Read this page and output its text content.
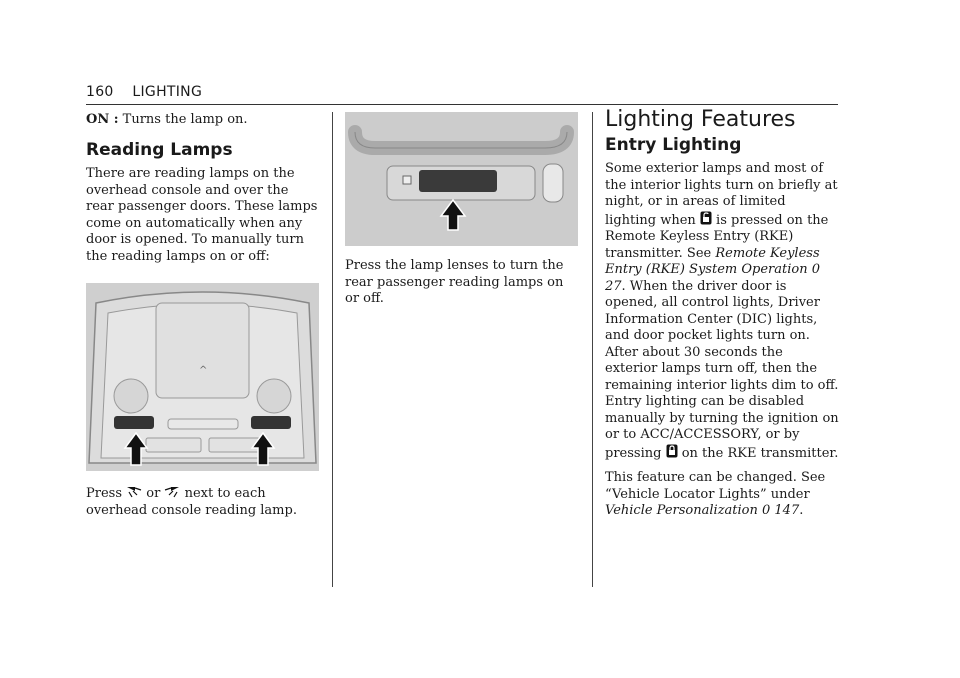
160 LIGHTING

ON : Turns the lamp on.

Reading Lamps

There are reading lamps on the overhead console and over the rear passenger doors. These lamps come on automatically when any door is opened. To manually turn the reading lamps on or off:

^

Press  or  next to each overhead console reading lamp.

Press the lamp lenses to turn the rear passenger reading lamps on or off.

Lighting Features
Entry Lighting

Some exterior lamps and most of the interior lights turn on briefly at night, or in areas of limited lighting when  is pressed on the Remote Keyless Entry (RKE) transmitter. See Remote Keyless Entry (RKE) System Operation 0 27. When the driver door is opened, all control lights, Driver Information Center (DIC) lights, and door pocket lights turn on. After about 30 seconds the exterior lamps turn off, then the remaining interior lights dim to off. Entry lighting can be disabled manually by turning the ignition on or to ACC/ACCESSORY, or by pressing  on the RKE transmitter.

This feature can be changed. See “Vehicle Locator Lights” under Vehicle Personalization 0 147.
